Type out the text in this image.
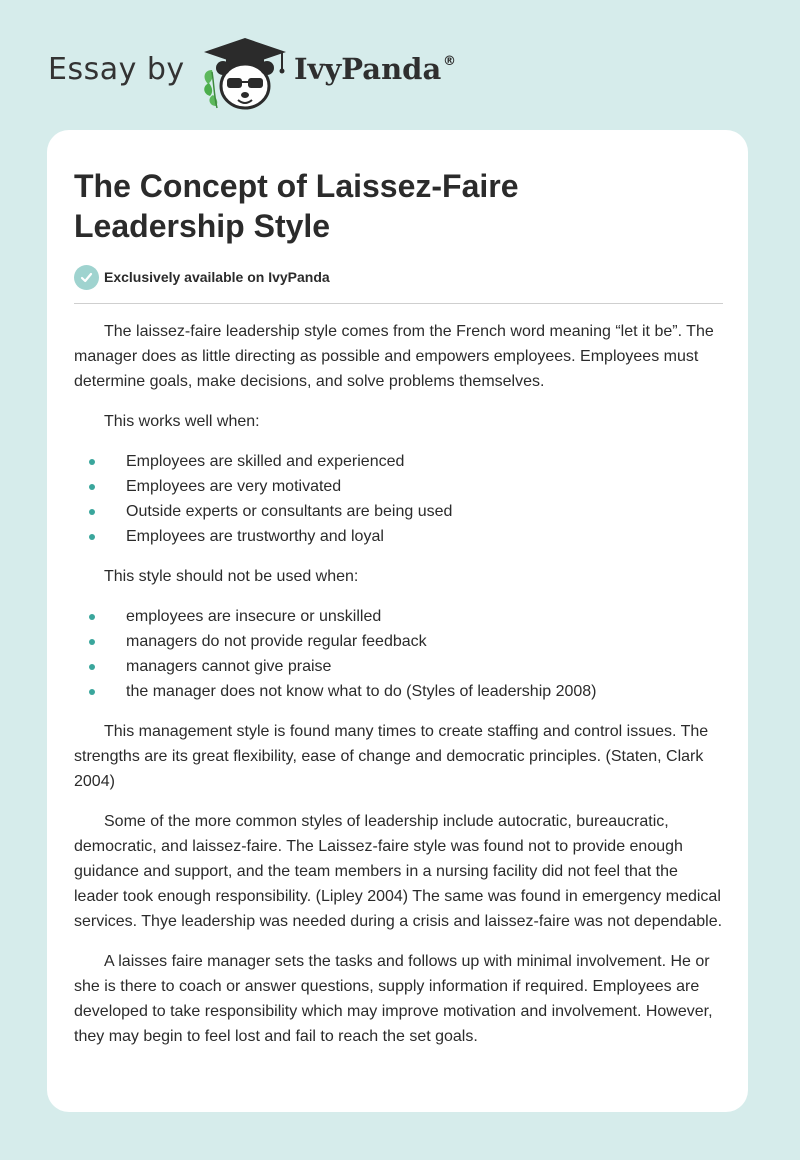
Essay by	IvyPanda ®
The Concept of Laissez-Faire Leadership Style
Exclusively available on IvyPanda

The laissez-faire leadership style comes from the French word meaning “let it be”. The manager does as little directing as possible and empowers employees. Employees must determine goals, make decisions, and solve problems themselves.

This works well when:

Employees are skilled and experienced
Employees are very motivated
Outside experts or consultants are being used
Employees are trustworthy and loyal

This style should not be used when:

employees are insecure or unskilled
managers do not provide regular feedback
managers cannot give praise
the manager does not know what to do (Styles of leadership 2008)

This management style is found many times to create staffing and control issues. The strengths are its great flexibility, ease of change and democratic principles. (Staten, Clark 2004)

Some of the more common styles of leadership include autocratic, bureaucratic, democratic, and laissez-faire. The Laissez-faire style was found not to provide enough guidance and support, and the team members in a nursing facility did not feel that the leader took enough responsibility. (Lipley 2004) The same was found in emergency medical services. Thye leadership was needed during a crisis and laissez-faire was not dependable.

A laisses faire manager sets the tasks and follows up with minimal involvement. He or she is there to coach or answer questions, supply information if required. Employees are developed to take responsibility which may improve motivation and involvement. However, they may begin to feel lost and fail to reach the set goals.
